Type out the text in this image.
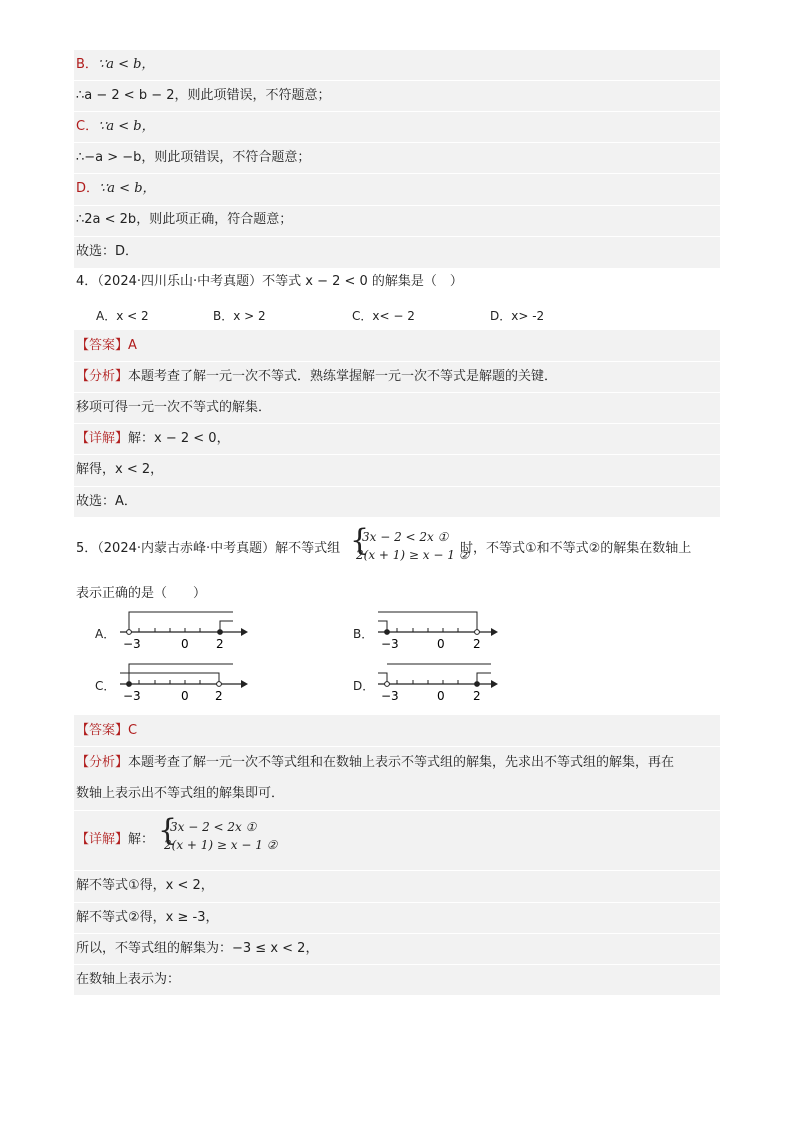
B．∵a < b，
∴a − 2 < b − 2，则此项错误，不符题意；
C．∵a < b，
∴−a > −b，则此项错误，不符合题意；
D．∵a < b，
∴2a < 2b，则此项正确，符合题意；
故选：D．
4．（2024·四川乐山·中考真题）不等式 x − 2 < 0 的解集是（　）
A．x < 2	B．x > 2	C．x< − 2	D．x> -2
【答案】A
【分析】本题考查了解一元一次不等式．熟练掌握解一元一次不等式是解题的关键．
移项可得一元一次不等式的解集．
【详解】解：x − 2 < 0，
解得，x < 2，
故选：A．
5．（2024·内蒙古赤峰·中考真题）解不等式组 {
3x − 2 < 2x ①
2(x + 1) ≥ x − 1 ②
时，不等式①和不等式②的解集在数轴上
表示正确的是（　　）
A．	B．
C．	D．
−3	0 2	−3	0 2
−3	0 2	−3	0 2
【答案】C
【分析】本题考查了解一元一次不等式组和在数轴上表示不等式组的解集，先求出不等式组的解集，再在
数轴上表示出不等式组的解集即可．
【详解】解： {
3x − 2 < 2x ①
2(x + 1) ≥ x − 1 ②
解不等式①得，x < 2，
解不等式②得，x ≥ -3，
所以，不等式组的解集为：−3 ≤ x < 2，
在数轴上表示为：
